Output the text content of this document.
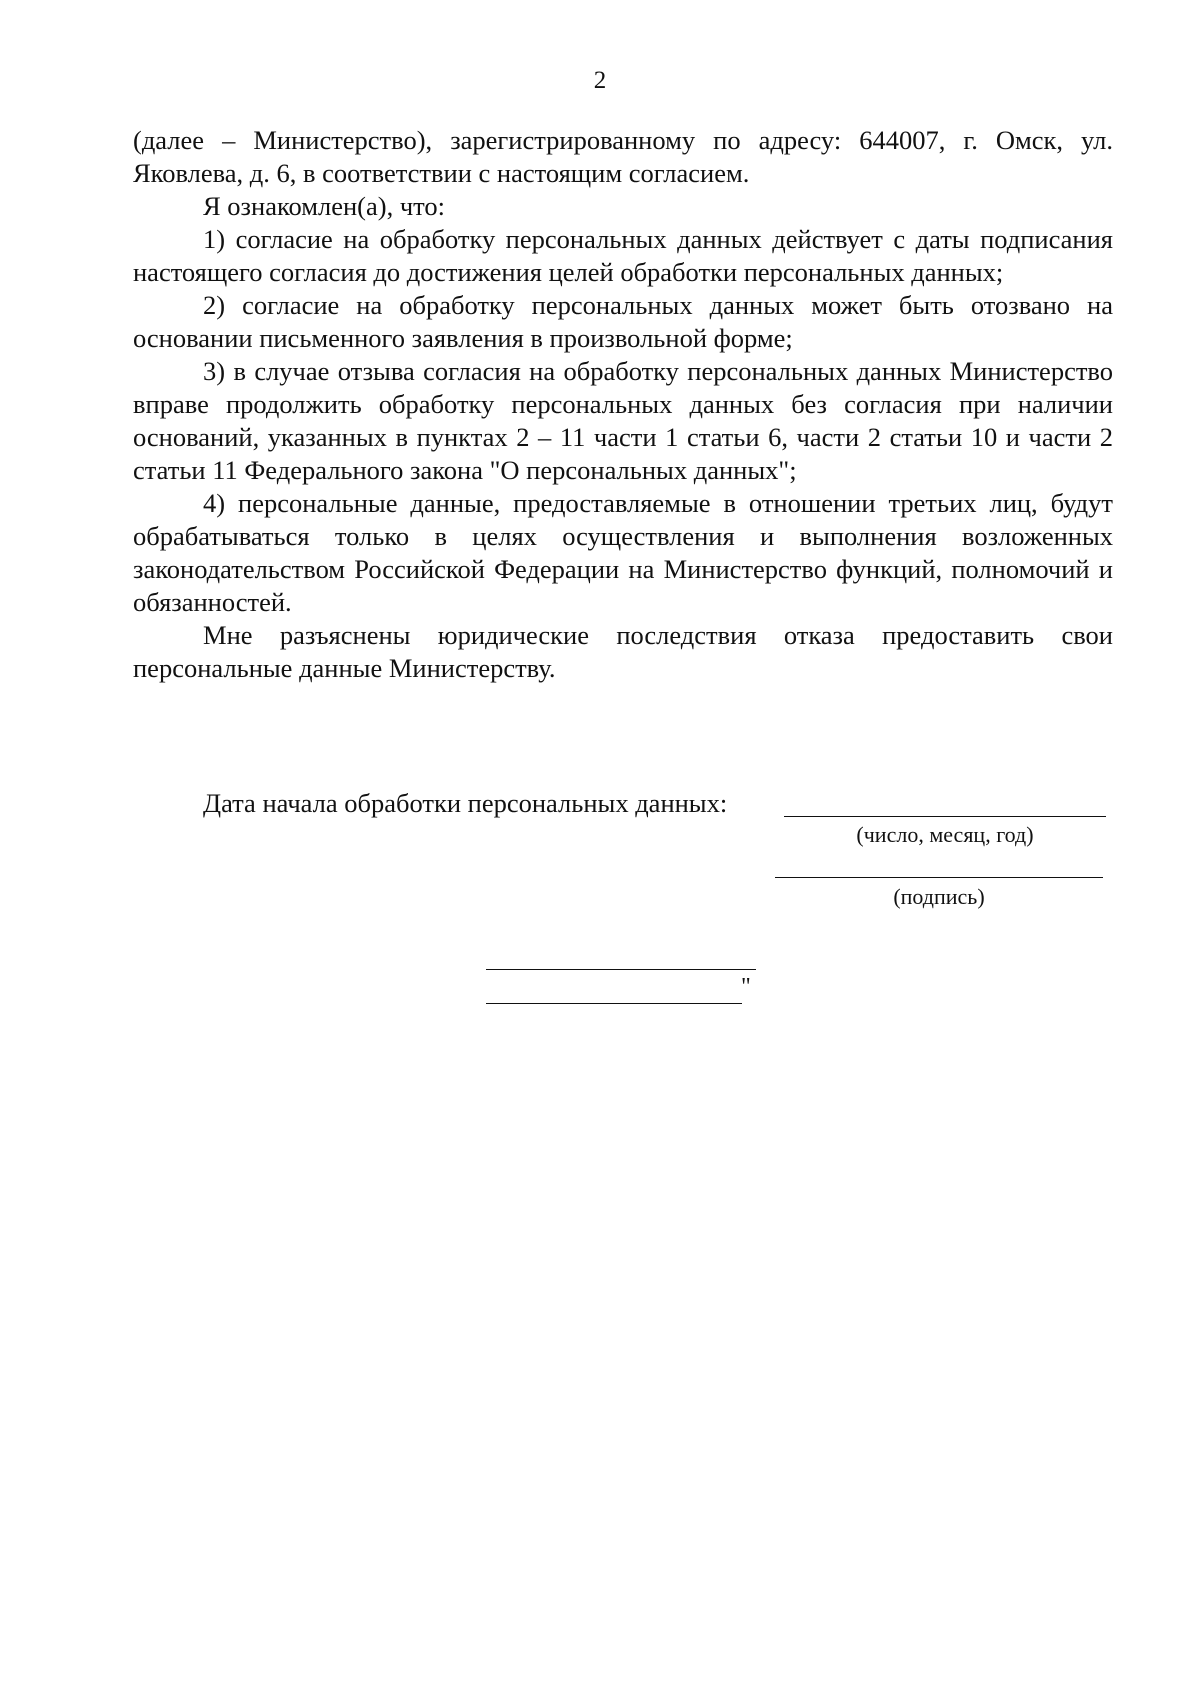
2

(далее – Министерство), зарегистрированному по адресу: 644007, г. Омск, ул. Яковлева, д. 6, в соответствии с настоящим согласием.

Я ознакомлен(а), что:

1) согласие на обработку персональных данных действует с даты подписания настоящего согласия до достижения целей обработки персональных данных;

2) согласие на обработку персональных данных может быть отозвано на основании письменного заявления в произвольной форме;

3) в случае отзыва согласия на обработку персональных данных Министерство вправе продолжить обработку персональных данных без согласия при наличии оснований, указанных в пунктах 2 – 11 части 1 статьи 6, части 2 статьи 10 и части 2 статьи 11 Федерального закона "О персональных данных";

4) персональные данные, предоставляемые в отношении третьих лиц, будут обрабатываться только в целях осуществления и выполнения возложенных законодательством Российской Федерации на Министерство функций, полномочий и обязанностей.

Мне разъяснены юридические последствия отказа предоставить свои персональные данные Министерству.

Дата начала обработки персональных данных:
(число, месяц, год)
(подпись)
"
